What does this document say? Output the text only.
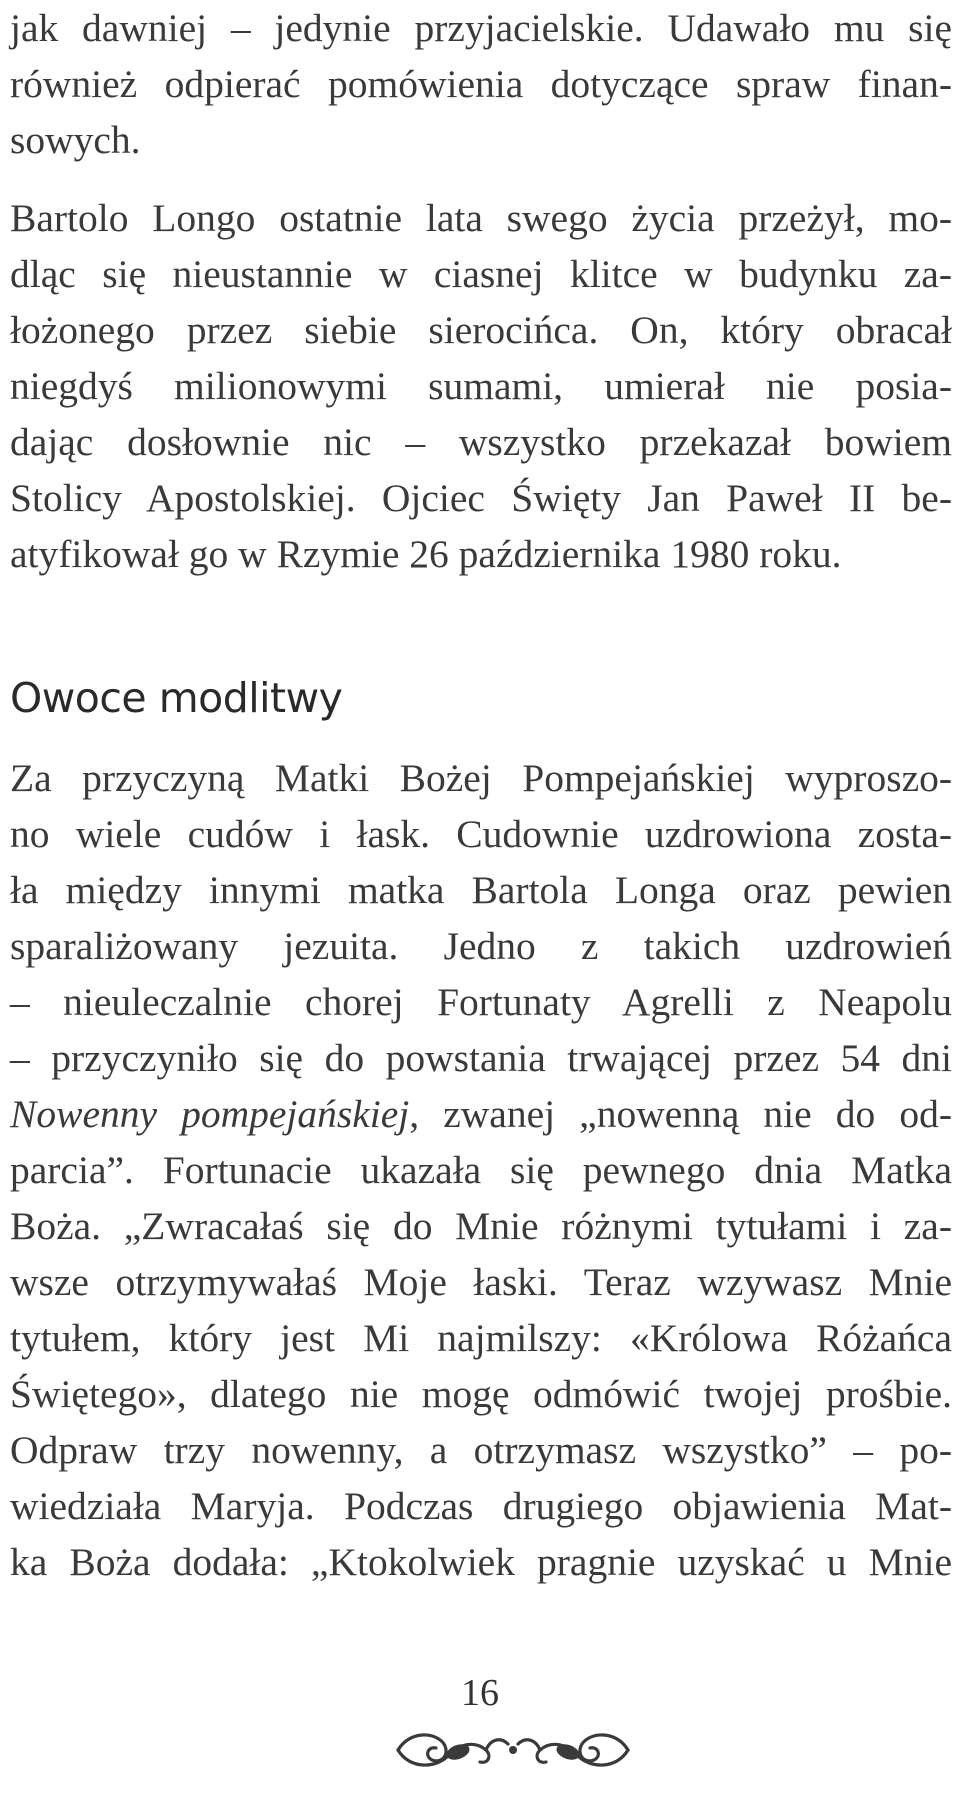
jak dawniej – jedynie przyjacielskie. Udawało mu się
również odpierać pomówienia dotyczące spraw finan-
sowych.
Bartolo Longo ostatnie lata swego życia przeżył, mo-
dląc się nieustannie w ciasnej klitce w budynku za-
łożonego przez siebie sierocińca. On, który obracał
niegdyś milionowymi sumami, umierał nie posia-
dając dosłownie nic – wszystko przekazał bowiem
Stolicy Apostolskiej. Ojciec Święty Jan Paweł II be-
atyfikował go w Rzymie 26 października 1980 roku.
Owoce modlitwy
Za przyczyną Matki Bożej Pompejańskiej wyproszo-
no wiele cudów i łask. Cudownie uzdrowiona zosta-
ła między innymi matka Bartola Longa oraz pewien
sparaliżowany jezuita. Jedno z takich uzdrowień
– nieuleczalnie chorej Fortunaty Agrelli z Neapolu
– przyczyniło się do powstania trwającej przez 54 dni
Nowenny pompejańskiej, zwanej „nowenną nie do od-
parcia”. Fortunacie ukazała się pewnego dnia Matka
Boża. „Zwracałaś się do Mnie różnymi tytułami i za-
wsze otrzymywałaś Moje łaski. Teraz wzywasz Mnie
tytułem, który jest Mi najmilszy: «Królowa Różańca
Świętego», dlatego nie mogę odmówić twojej prośbie.
Odpraw trzy nowenny, a otrzymasz wszystko” – po-
wiedziała Maryja. Podczas drugiego objawienia Mat-
ka Boża dodała: „Ktokolwiek pragnie uzyskać u Mnie
16
